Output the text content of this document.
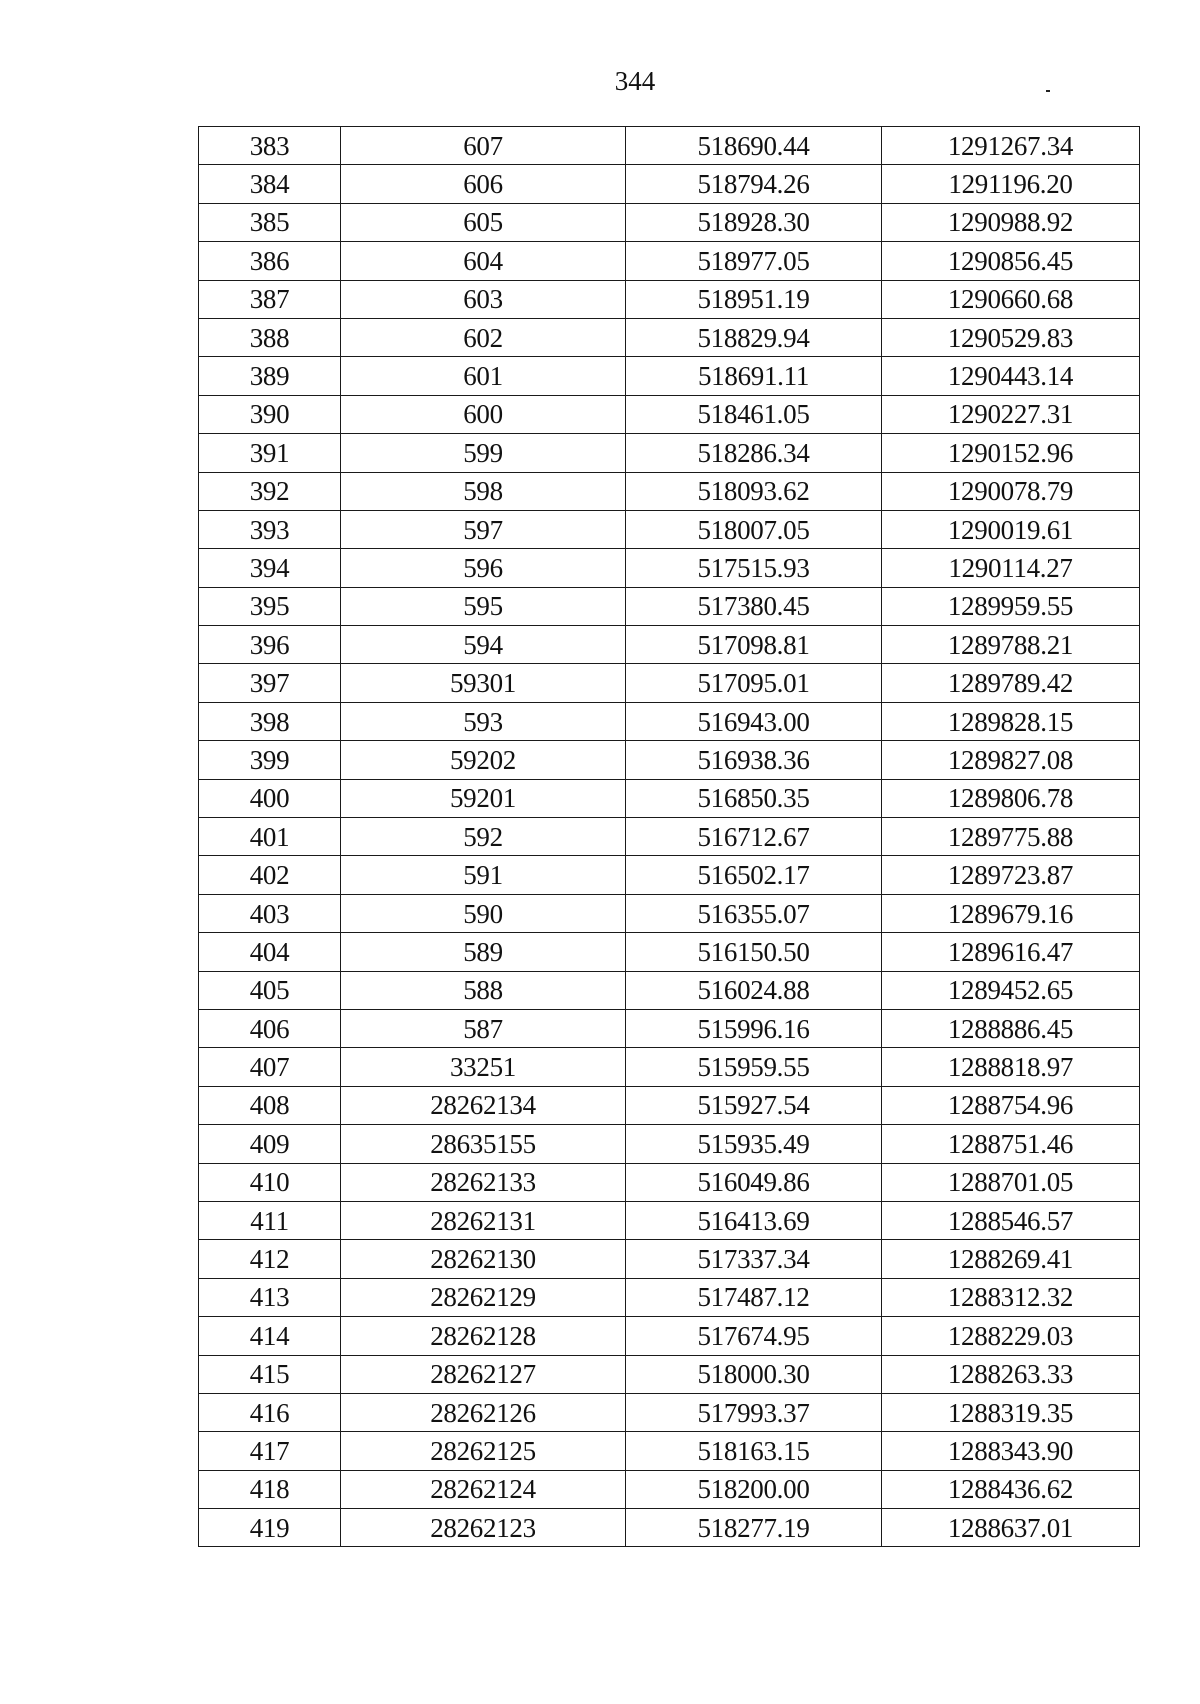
344
383	607	518690.44	1291267.34
384	606	518794.26	1291196.20
385	605	518928.30	1290988.92
386	604	518977.05	1290856.45
387	603	518951.19	1290660.68
388	602	518829.94	1290529.83
389	601	518691.11	1290443.14
390	600	518461.05	1290227.31
391	599	518286.34	1290152.96
392	598	518093.62	1290078.79
393	597	518007.05	1290019.61
394	596	517515.93	1290114.27
395	595	517380.45	1289959.55
396	594	517098.81	1289788.21
397	59301	517095.01	1289789.42
398	593	516943.00	1289828.15
399	59202	516938.36	1289827.08
400	59201	516850.35	1289806.78
401	592	516712.67	1289775.88
402	591	516502.17	1289723.87
403	590	516355.07	1289679.16
404	589	516150.50	1289616.47
405	588	516024.88	1289452.65
406	587	515996.16	1288886.45
407	33251	515959.55	1288818.97
408	28262134	515927.54	1288754.96
409	28635155	515935.49	1288751.46
410	28262133	516049.86	1288701.05
411	28262131	516413.69	1288546.57
412	28262130	517337.34	1288269.41
413	28262129	517487.12	1288312.32
414	28262128	517674.95	1288229.03
415	28262127	518000.30	1288263.33
416	28262126	517993.37	1288319.35
417	28262125	518163.15	1288343.90
418	28262124	518200.00	1288436.62
419	28262123	518277.19	1288637.01
